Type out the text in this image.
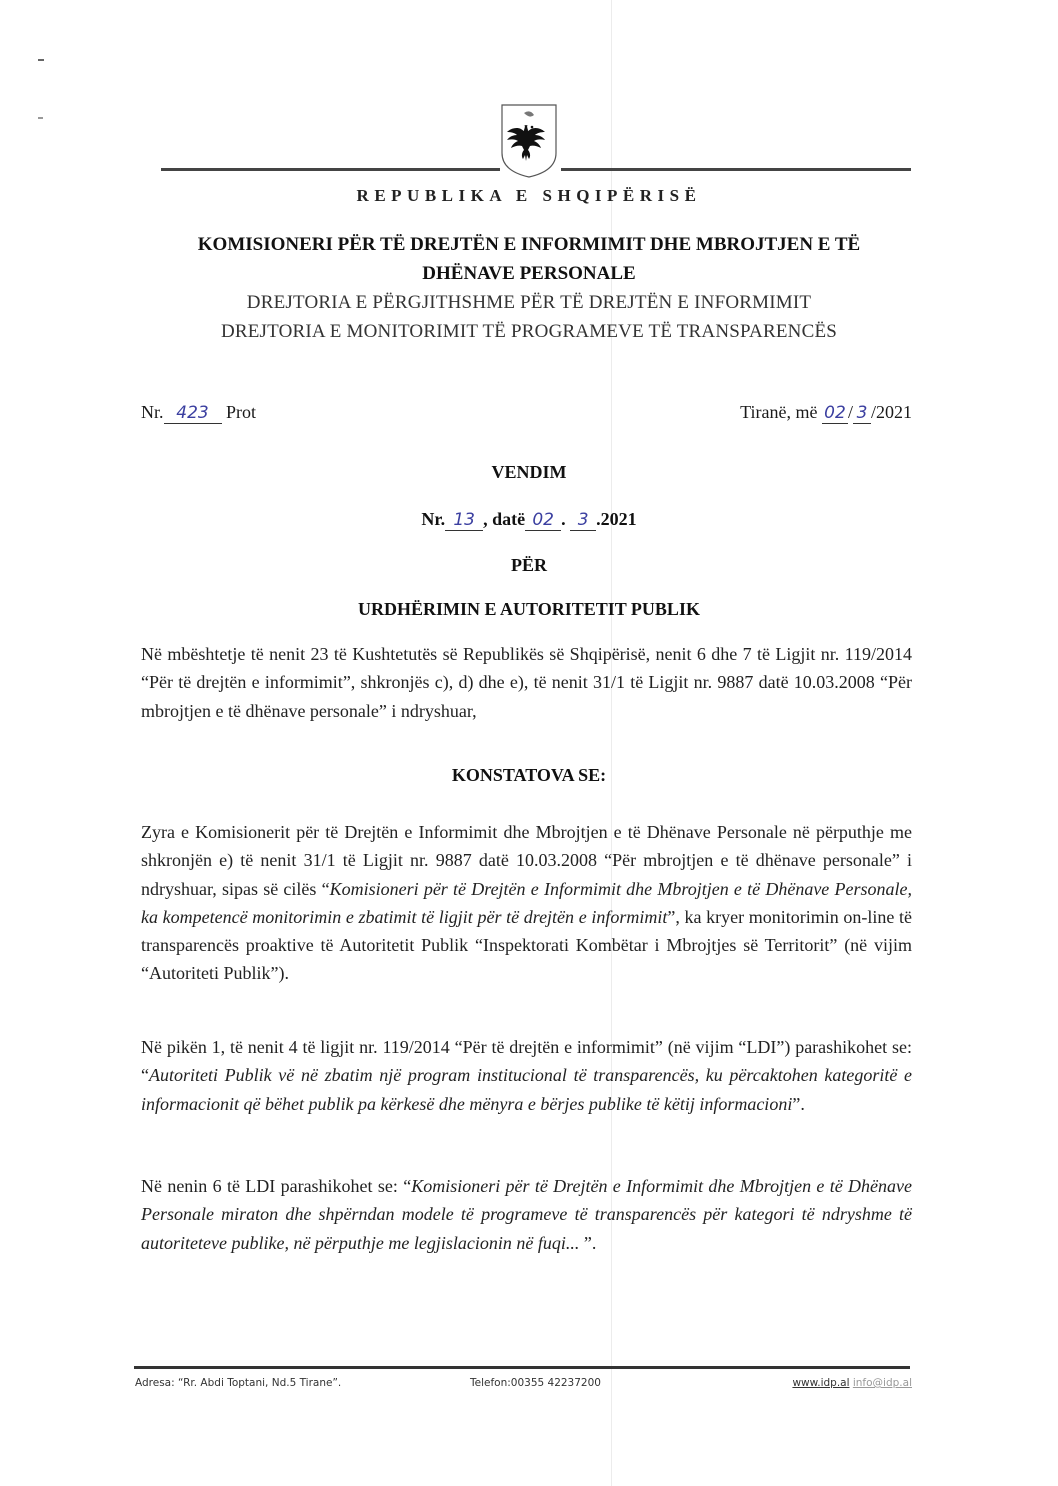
REPUBLIKA E SHQIPËRISË
KOMISIONERI PËR TË DREJTËN E INFORMIMIT DHE MBROJTJEN E TË
DHËNAVE PERSONALE
DREJTORIA E PËRGJITHSHME PËR TË DREJTËN E INFORMIMIT
DREJTORIA E MONITORIMIT TË PROGRAMEVE TË TRANSPARENCËS
Nr. 423 Prot	Tiranë, më 02 / 3 /2021
VENDIM
Nr. 13 , datë 02 . 3 .2021
PËR
URDHËRIMIN E AUTORITETIT PUBLIK
Në mbështetje të nenit 23 të Kushtetutës së Republikës së Shqipërisë, nenit 6 dhe 7 të Ligjit nr. 119/2014 “Për të drejtën e informimit”, shkronjës c), d) dhe e), të nenit 31/1 të Ligjit nr. 9887 datë 10.03.2008 “Për mbrojtjen e të dhënave personale” i ndryshuar,
KONSTATOVA SE:
Zyra e Komisionerit për të Drejtën e Informimit dhe Mbrojtjen e të Dhënave Personale në përputhje me shkronjën e) të nenit 31/1 të Ligjit nr. 9887 datë 10.03.2008 “Për mbrojtjen e të dhënave personale” i ndryshuar, sipas së cilës “Komisioneri për të Drejtën e Informimit dhe Mbrojtjen e të Dhënave Personale, ka kompetencë monitorimin e zbatimit të ligjit për të drejtën e informimit”, ka kryer monitorimin on-line të transparencës proaktive të Autoritetit Publik “Inspektorati Kombëtar i Mbrojtjes së Territorit” (në vijim “Autoriteti Publik”).
Në pikën 1, të nenit 4 të ligjit nr. 119/2014 “Për të drejtën e informimit” (në vijim “LDI”) parashikohet se: “Autoriteti Publik vë në zbatim një program institucional të transparencës, ku përcaktohen kategoritë e informacionit që bëhet publik pa kërkesë dhe mënyra e bërjes publike të këtij informacioni”.
Në nenin 6 të LDI parashikohet se: “Komisioneri për të Drejtën e Informimit dhe Mbrojtjen e të Dhënave Personale miraton dhe shpërndan modele të programeve të transparencës për kategori të ndryshme të autoriteteve publike, në përputhje me legjislacionin në fuqi... ”.
Adresa: “Rr. Abdi Toptani, Nd.5 Tirane”.	Telefon:00355 42237200	www.idp.al info@idp.al
